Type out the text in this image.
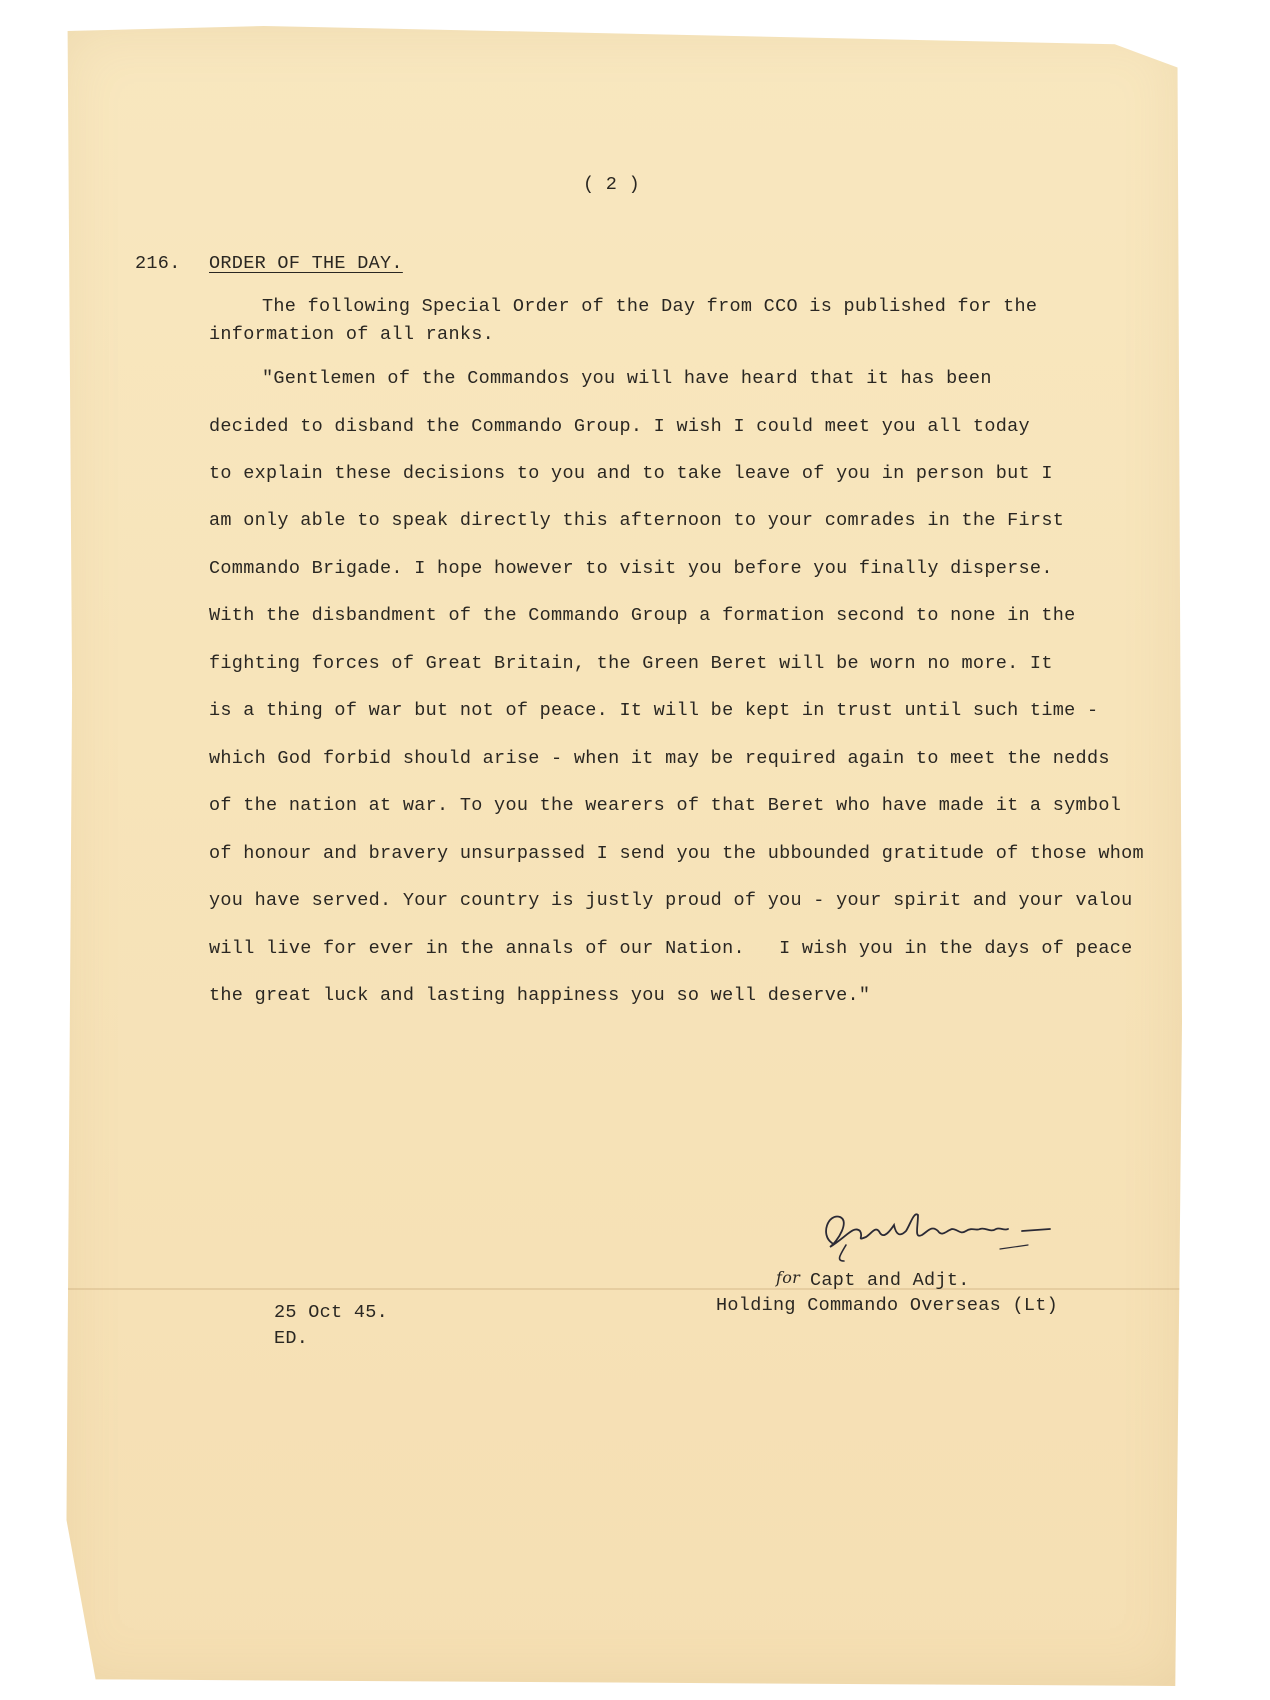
( 2 )
216. ORDER OF THE DAY.
The following Special Order of the Day from CCO is published for the
information of all ranks.
"Gentlemen of the Commandos you will have heard that it has been
decided to disband the Commando Group. I wish I could meet you all today
to explain these decisions to you and to take leave of you in person but I
am only able to speak directly this afternoon to your comrades in the First
Commando Brigade. I hope however to visit you before you finally disperse.
With the disbandment of the Commando Group a formation second to none in the
fighting forces of Great Britain, the Green Beret will be worn no more. It
is a thing of war but not of peace. It will be kept in trust until such time -
which God forbid should arise - when it may be required again to meet the nedds
of the nation at war. To you the wearers of that Beret who have made it a symbol
of honour and bravery unsurpassed I send you the ubbounded gratitude of those whom
you have served. Your country is justly proud of you - your spirit and your valou
will live for ever in the annals of our Nation.   I wish you in the days of peace
the great luck and lasting happiness you so well deserve."
for Capt and Adjt.
Holding Commando Overseas (Lt)
25 Oct 45.
ED.
